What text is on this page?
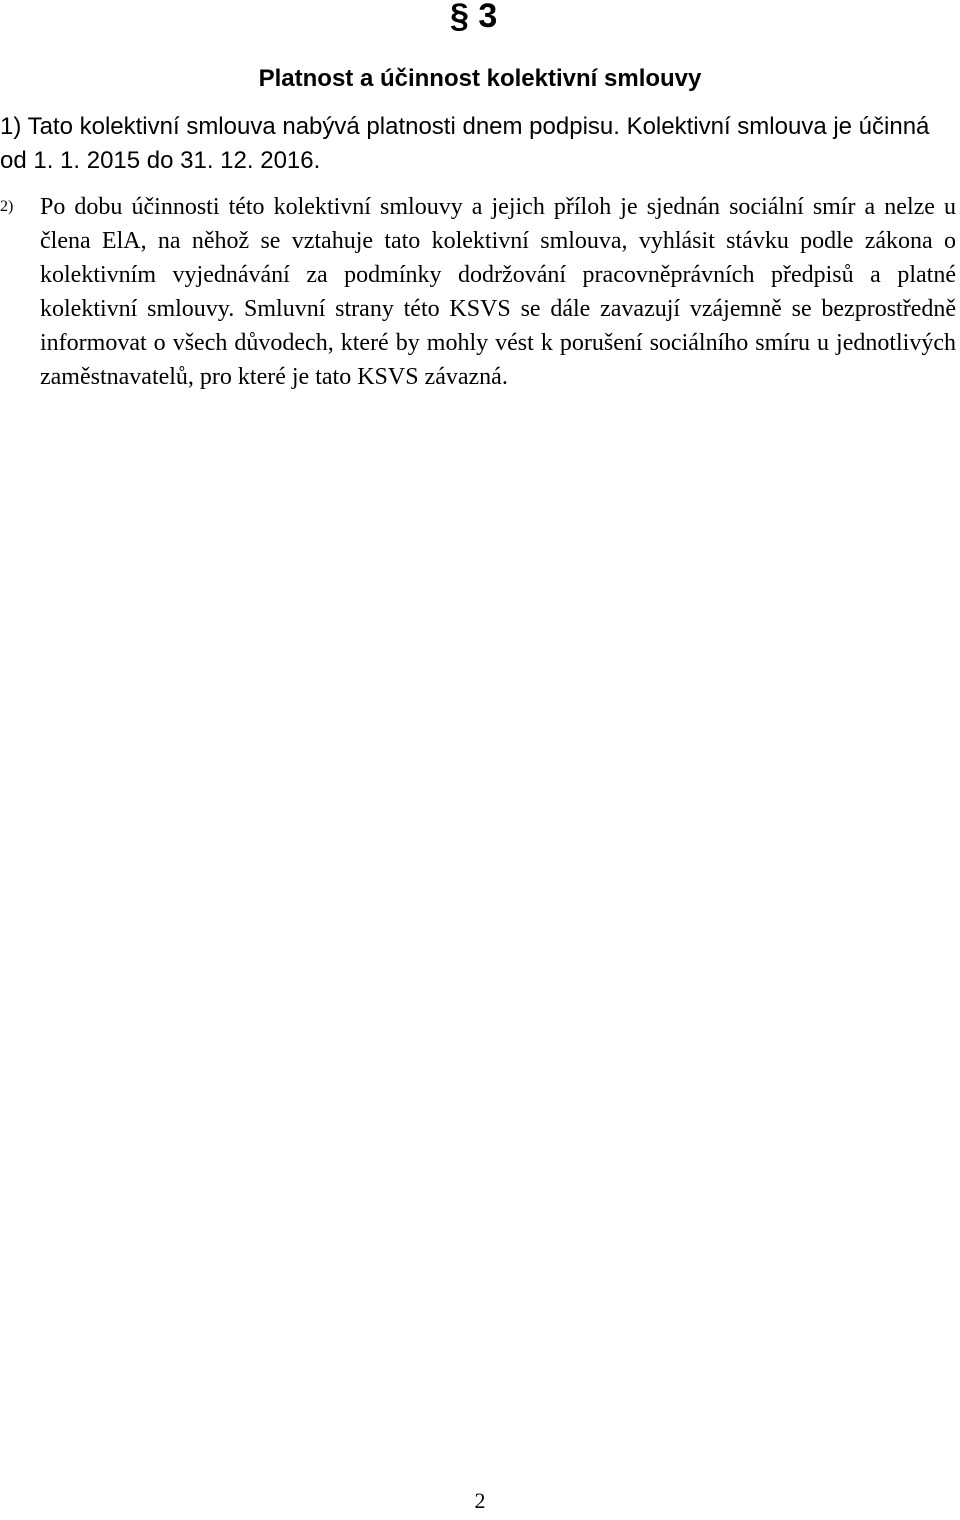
§ 3
Platnost a účinnost kolektivní smlouvy

1) Tato kolektivní smlouva nabývá platnosti dnem podpisu. Kolektivní smlouva je účinná od 1. 1. 2015 do 31. 12. 2016.

2) Po dobu účinnosti této kolektivní smlouvy a jejich příloh je sjednán sociální smír a nelze u člena ElA, na něhož se vztahuje tato kolektivní smlouva, vyhlásit stávku podle zákona o kolektivním vyjednávání za podmínky dodržování pracovněprávních předpisů a platné kolektivní smlouvy. Smluvní strany této KSVS se dále zavazují vzájemně se bezprostředně informovat o všech důvodech, které by mohly vést k porušení sociálního smíru u jednotlivých zaměstnavatelů, pro které je tato KSVS závazná.
2
